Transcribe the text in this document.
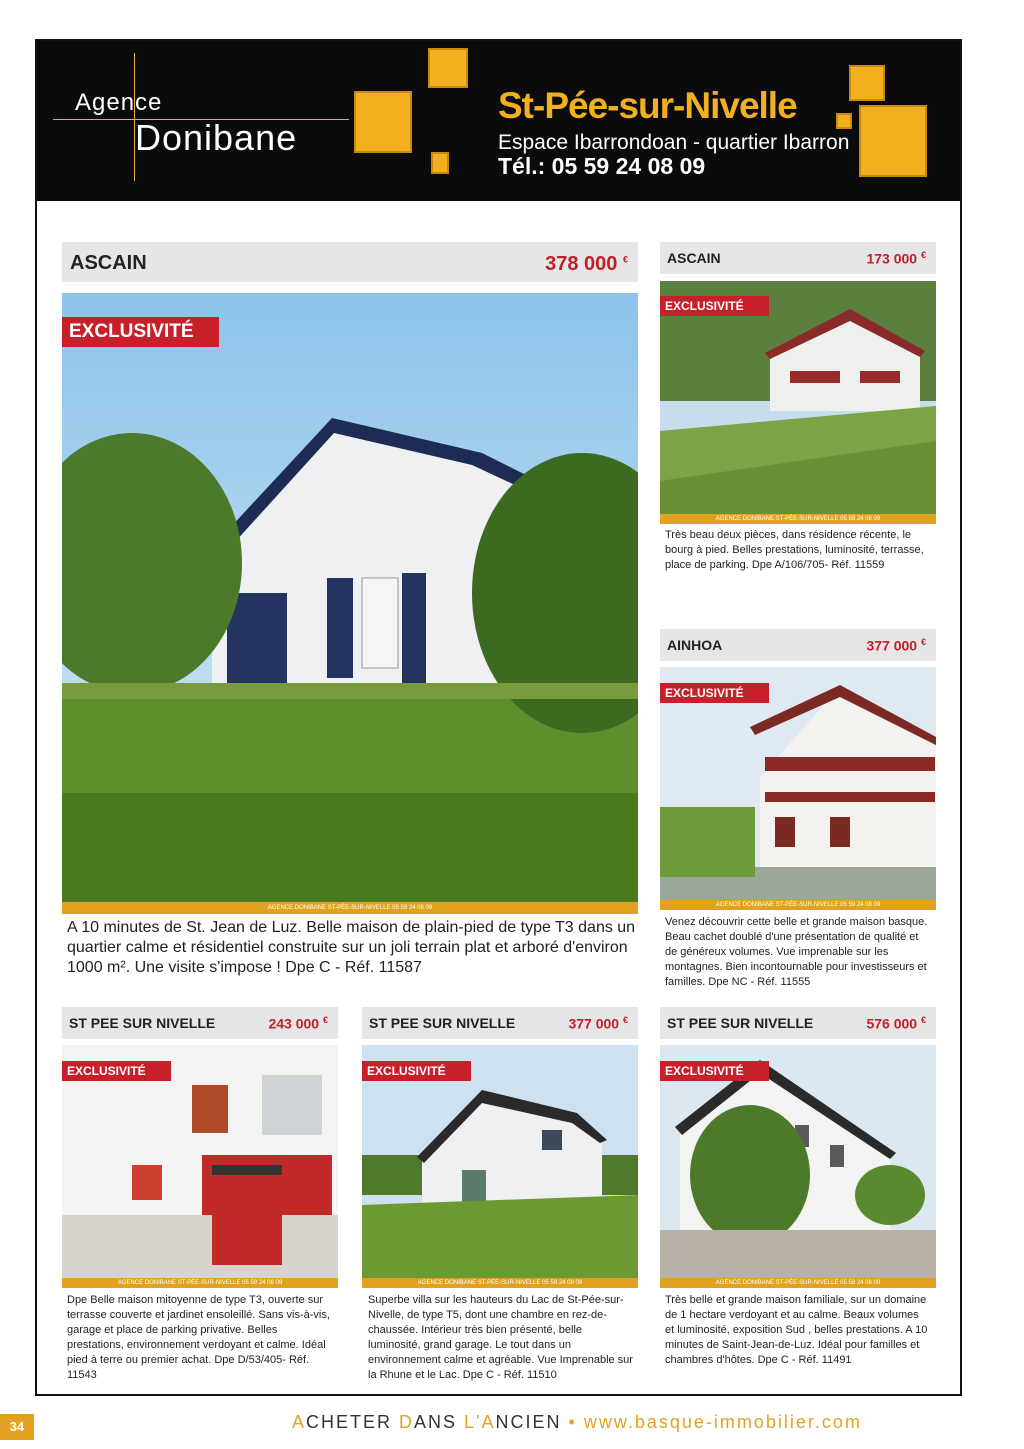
Agence
Donibane
St-Pée-sur-Nivelle
Espace Ibarrondoan - quartier Ibarron
Tél.: 05 59 24 08 09
ASCAIN	378 000 €
EXCLUSIVITÉ
AGENCE DONIBANE ST-PÉE-SUR-NIVELLE 05 59 24 08 09
A 10 minutes de St. Jean de Luz. Belle maison de plain-pied de type T3 dans un quartier calme et résidentiel construite sur un joli terrain plat et arboré d'environ 1000 m². Une visite s'impose ! Dpe C - Réf. 11587
ASCAIN	173 000 €
EXCLUSIVITÉ
AGENCE DONIBANE ST-PÉE-SUR-NIVELLE 05 59 24 08 09
Très beau deux pièces, dans résidence récente, le bourg à pied. Belles prestations, luminosité, terrasse, place de parking. Dpe A/106/705- Réf. 11559
AINHOA	377 000 €
EXCLUSIVITÉ
AGENCE DONIBANE ST-PÉE-SUR-NIVELLE 05 59 24 08 09
Venez découvrir cette belle et grande maison basque. Beau cachet doublé d'une présentation de qualité et de généreux volumes. Vue imprenable sur les montagnes. Bien incontournable pour investisseurs et familles. Dpe NC - Réf. 11555
ST PEE SUR NIVELLE	243 000 €
EXCLUSIVITÉ
AGENCE DONIBANE ST-PÉE-SUR-NIVELLE 05 59 24 08 09
Dpe Belle maison mitoyenne de type T3, ouverte sur terrasse couverte et jardinet ensoleillé. Sans vis-à-vis, garage et place de parking privative. Belles prestations, environnement verdoyant et calme. Idéal pied à terre ou premier achat. Dpe D/53/405- Réf. 11543
ST PEE SUR NIVELLE	377 000 €
EXCLUSIVITÉ
AGENCE DONIBANE ST-PÉE-SUR-NIVELLE 05 59 24 08 09
Superbe villa sur les hauteurs du Lac de St-Pée-sur-Nivelle, de type T5, dont une chambre en rez-de-chaussée. Intérieur très bien présenté, belle luminosité, grand garage. Le tout dans un environnement calme et agréable. Vue Imprenable sur la Rhune et le Lac. Dpe C - Réf. 11510
ST PEE SUR NIVELLE	576 000 €
EXCLUSIVITÉ
AGENCE DONIBANE ST-PÉE-SUR-NIVELLE 05 59 24 08 09
Très belle et grande maison familiale, sur un domaine de 1 hectare verdoyant et au calme. Beaux volumes et luminosité, exposition Sud , belles prestations. A 10 minutes de Saint-Jean-de-Luz. Idéal pour familles et chambres d'hôtes. Dpe C - Réf. 11491
34	ACHETER DANS L'ANCIEN • www.basque-immobilier.com
